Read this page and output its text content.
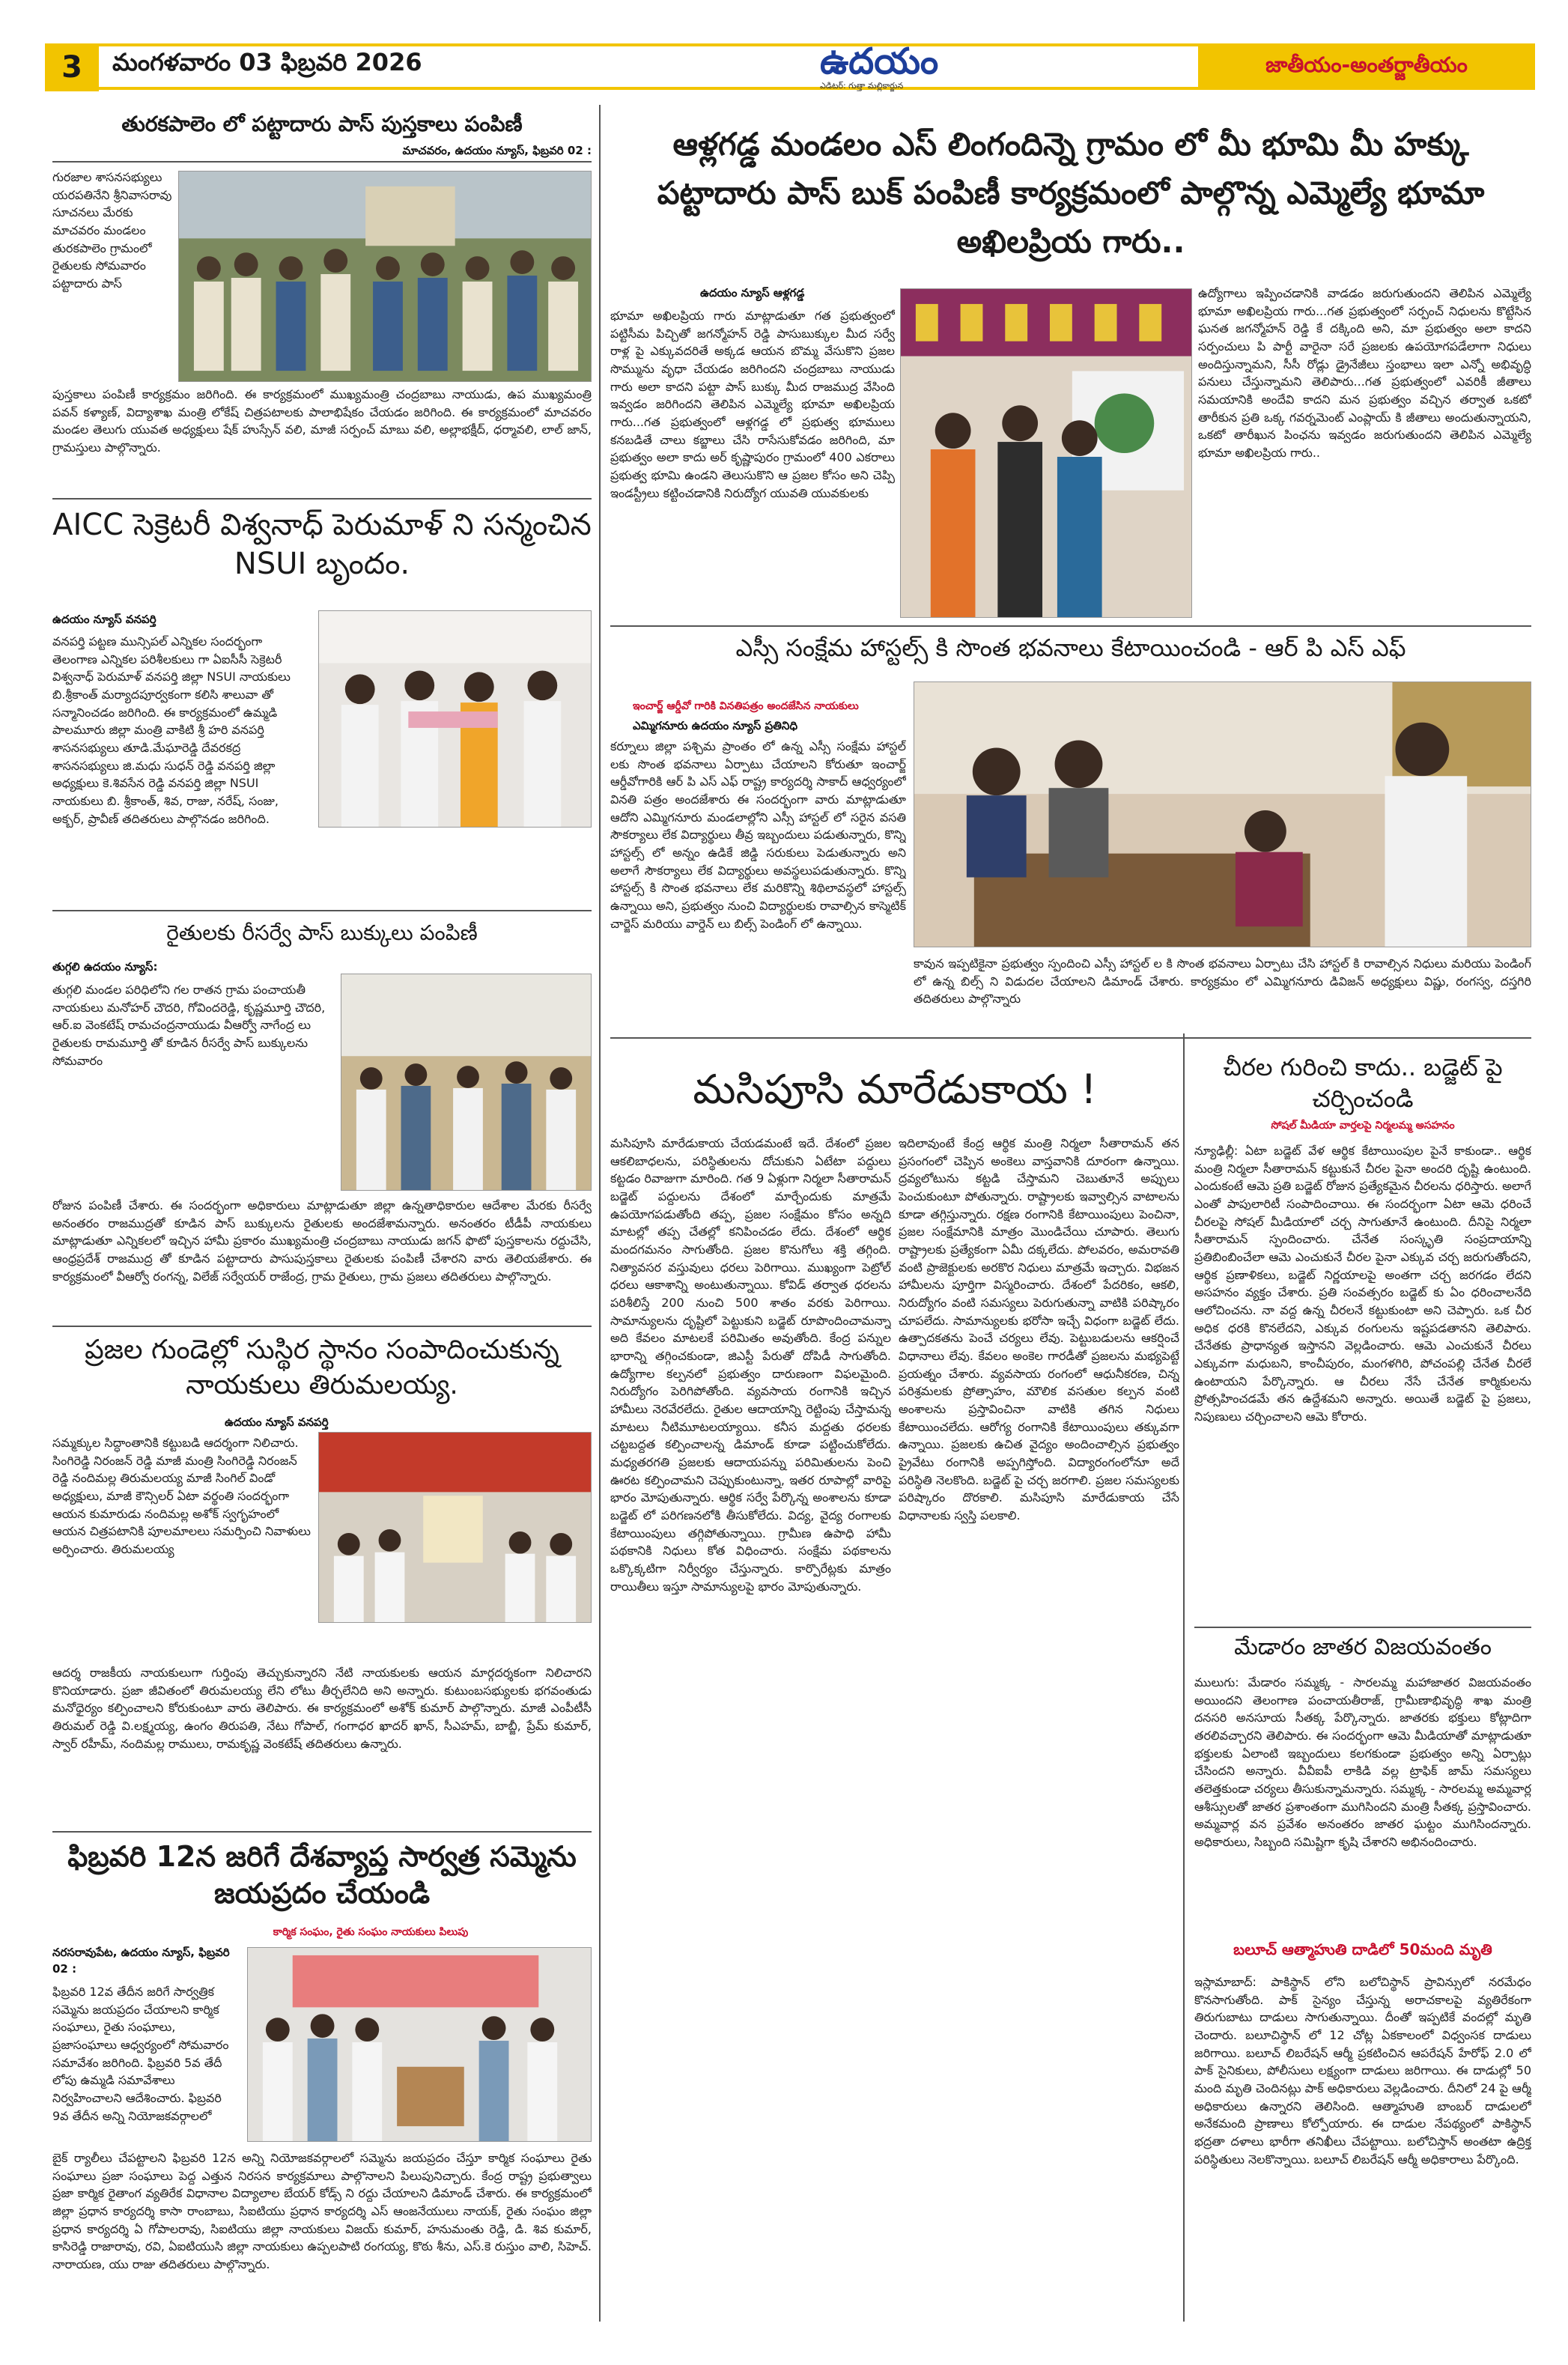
3	మంగళవారం 03 ఫిబ్రవరి 2026	ఉదయం
ఎడిటర్: గుత్తా మల్లికార్జున
జాతీయం-అంతర్జాతీయం
తురకపాలెం లో పట్టాదారు పాస్ పుస్తకాలు పంపిణీ
మాచవరం, ఉదయం న్యూస్, ఫిబ్రవరి 02 :
గురజాల శాసనసభ్యులు యరపతినేని శ్రీనివాసరావు సూచనలు మేరకు మాచవరం మండలం తురకపాలెం గ్రామంలో రైతులకు సోమవారం పట్టాదారు పాస్
పుస్తకాలు పంపిణీ కార్యక్రమం జరిగింది. ఈ కార్యక్రమంలో ముఖ్యమంత్రి చంద్రబాబు నాయుడు, ఉప ముఖ్యమంత్రి పవన్ కళ్యాణ్, విద్యాశాఖ మంత్రి లోకేష్ చిత్రపటాలకు పాలాభిషేకం చేయడం జరిగింది. ఈ కార్యక్రమంలో మాచవరం మండల తెలుగు యువత అధ్యక్షులు షేక్ హుస్సేన్ వలి, మాజీ సర్పంచ్ మాబు వలి, అల్లాభక్షీద్, ధర్మావలి, లాల్ జాన్, గ్రామస్తులు పాల్గొన్నారు.
AICC సెక్రెటరీ విశ్వనాధ్ పెరుమాళ్ ని సన్మంచిన NSUI బృందం.
ఉదయం న్యూస్ వనపర్తి
వనపర్తి పట్టణ మున్సిపల్ ఎన్నికల సందర్భంగా తెలంగాణ ఎన్నికల పరిశీలకులు గా ఏఐసీసీ సెక్రెటరీ విశ్వనాధ్ పెరుమాళ్ వనపర్తి జిల్లా NSUI నాయకులు బి.శ్రీకాంత్ మర్యాదపూర్వకంగా కలిసి శాలువా తో సన్మానించడం జరిగింది. ఈ కార్యక్రమంలో ఉమ్మడి పాలమూరు జిల్లా మంత్రి వాకిటి శ్రీ హరి వనపర్తి శాసనసభ్యులు తూడి.మేఘారెడ్డి దేవరకద్ర శాసనసభ్యులు జి.మధు సుధన్ రెడ్డి వనపర్తి జిల్లా అధ్యక్షులు కె.శివసేన రెడ్డి వనపర్తి జిల్లా NSUI నాయకులు బి. శ్రీకాంత్, శివ, రాజు, నరేష్, సంజు, అక్బర్, ప్రావీణ్ తదితరులు పాల్గొనడం జరిగింది.
రైతులకు రీసర్వే పాస్ బుక్కులు పంపిణీ
తుగ్గలి ఉదయం న్యూస్:
తుగ్గలి మండల పరిధిలోని గల రాతన గ్రామ పంచాయతీ నాయకులు మనోహర్ చౌదరి, గోవిందరెడ్డి, కృష్ణమూర్తి చౌదరి, ఆర్.ఐ వెంకటేష్ రామచంద్రనాయుడు వీఆర్వో నాగేంద్ర లు రైతులకు రామమూర్తి తో కూడిన రీసర్వే పాస్ బుక్కులను సోమవారం
రోజున పంపిణీ చేశారు. ఈ సందర్భంగా అధికారులు మాట్లాడుతూ జిల్లా ఉన్నతాధికారుల ఆదేశాల మేరకు రీసర్వే అనంతరం రాజముద్రతో కూడిన పాస్ బుక్కులను రైతులకు అందజేశామన్నారు. అనంతరం టీడీపీ నాయకులు మాట్లాడుతూ ఎన్నికలలో ఇచ్చిన హామీ ప్రకారం ముఖ్యమంత్రి చంద్రబాబు నాయుడు జగన్ ఫొటో పుస్తకాలను రద్దుచేసి, ఆంధ్రప్రదేశ్ రాజముద్ర తో కూడిన పట్టాదారు పాసుపుస్తకాలు రైతులకు పంపిణీ చేశారని వారు తెలియజేశారు. ఈ కార్యక్రమంలో వీఆర్వో రంగన్న, విలేజ్ సర్వేయర్ రాజేంద్ర, గ్రామ రైతులు, గ్రామ ప్రజలు తదితరులు పాల్గొన్నారు.
ప్రజల గుండెల్లో సుస్థిర స్థానం సంపాదించుకున్న నాయకులు తిరుమలయ్య.
ఉదయం న్యూస్ వనపర్తి
సమ్మక్కుల సిద్ధాంతానికి కట్టుబడి ఆదర్శంగా నిలిచారు. సింగిరెడ్డి నిరంజన్ రెడ్డి మాజీ మంత్రి సింగిరెడ్డి నిరంజన్ రెడ్డి నందిమల్ల తిరుమలయ్య మాజీ సింగిల్ విండో అధ్యక్షులు, మాజీ కౌన్సిలర్ ఏటా వర్థంతి సందర్భంగా ఆయన కుమారుడు నందిమల్ల అశోక్ స్వగృహంలో ఆయన చిత్రపటానికి పూలమాలలు సమర్పించి నివాళులు అర్పించారు. తిరుమలయ్య
ఆదర్శ రాజకీయ నాయకులుగా గుర్తింపు తెచ్చుకున్నారని నేటి నాయకులకు ఆయన మార్గదర్శకంగా నిలిచారని కొనియాడారు. ప్రజా జీవితంలో తిరుమలయ్య లేని లోటు తీర్చలేనిది అని అన్నారు. కుటుంబసభ్యులకు భగవంతుడు మనోధైర్యం కల్పించాలని కోరుకుంటూ వారు తెలిపారు. ఈ కార్యక్రమంలో అశోక్ కుమార్ పాల్గొన్నారు. మాజీ ఎంపీటీసీ తిరుమల్ రెడ్డి వి.లక్ష్మయ్య, ఉంగం తిరుపతి, నేటు గోపాల్, గంగాధర ఖాదర్ ఖాన్, సీఎహమ్, బాబ్జీ, ప్రేమ్ కుమార్, స్వార్ రహీమ్, నందిమల్ల రాములు, రామకృష్ణ వెంకటేష్ తదితరులు ఉన్నారు.
ఫిబ్రవరి 12న జరిగే దేశవ్యాప్త సార్వత్ర సమ్మెను జయప్రదం చేయండి
కార్మిక సంఘం, రైతు సంఘం నాయకులు పిలుపు
నరసరావుపేట, ఉదయం న్యూస్, ఫిబ్రవరి 02 :
ఫిబ్రవరి 12వ తేదీన జరిగే సార్వత్రిక సమ్మెను జయప్రదం చేయాలని కార్మిక సంఘాలు, రైతు సంఘాలు, ప్రజాసంఘాలు ఆధ్వర్యంలో సోమవారం సమావేశం జరిగింది. ఫిబ్రవరి 5వ తేదీ లోపు ఉమ్మడి సమావేశాలు నిర్వహించాలని ఆదేశించారు. ఫిబ్రవరి 9వ తేదీన అన్ని నియోజకవర్గాలలో
బైక్ ర్యాలీలు చేపట్టాలని ఫిబ్రవరి 12న అన్ని నియోజకవర్గాలలో సమ్మెను జయప్రదం చేస్తూ కార్మిక సంఘాలు రైతు సంఘాలు ప్రజా సంఘాలు పెద్ద ఎత్తున నిరసన కార్యక్రమాలు పాల్గొనాలని పిలుపునిచ్చారు. కేంద్ర రాష్ట్ర ప్రభుత్వాలు ప్రజా కార్మిక రైతాంగ వ్యతిరేక విధానాల విద్యాలాల బేయర్ కోడ్స్ ని రద్దు చేయాలని డిమాండ్ చేశారు. ఈ కార్యక్రమంలో జిల్లా ప్రధాన కార్యదర్శి కాసా రాంబాబు, సిఐటియు ప్రధాన కార్యదర్శి ఎస్ ఆంజనేయులు నాయక్, రైతు సంఘం జిల్లా ప్రధాన కార్యదర్శి ఏ గోపాలరావు, సిఐటియు జిల్లా నాయకులు విజయ్ కుమార్, హనుమంతు రెడ్డి, డి. శివ కుమార్, కాసిరెడ్డి రాజారావు, రవి, ఏఐటియుసి జిల్లా నాయకులు ఉప్పలపాటి రంగయ్య, కొఠు శీను, ఎస్.కె రుస్తుం వాలి, సిహెచ్. నారాయణ, యు రాజు తదితరులు పాల్గొన్నారు.
ఆళ్లగడ్డ మండలం ఎస్ లింగందిన్నె గ్రామం లో మీ భూమి మీ హక్కు పట్టాదారు పాస్ బుక్ పంపిణీ కార్యక్రమంలో పాల్గొన్న ఎమ్మెల్యే భూమా అఖిలప్రియ గారు..
ఉదయం న్యూస్ ఆళ్లగడ్డ
భూమా అఖిలప్రియ గారు మాట్లాడుతూ గత ప్రభుత్వంలో పట్టిసీమ పిచ్చితో జగన్మోహన్ రెడ్డి పాసుబుక్కుల మీద సర్వే రాళ్ల పై ఎక్కువదరితే అక్కడ ఆయన బొమ్మ వేసుకొని ప్రజల సొమ్మును వృధా చేయడం జరిగిందని చంద్రబాబు నాయుడు గారు అలా కాదని పట్టా పాస్ బుక్కు మీద రాజముద్ర వేసింది ఇవ్వడం జరిగిందని తెలిపిన ఎమ్మెల్యే భూమా అఖిలప్రియ గారు...గత ప్రభుత్వంలో ఆళ్లగడ్డ లో ప్రభుత్వ భూములు కనబడితే చాలు కబ్జాలు చేసి రాసేసుకోవడం జరిగింది, మా ప్రభుత్వం అలా కాదు అర్ కృష్ణాపురం గ్రామంలో 400 ఎకరాలు ప్రభుత్వ భూమి ఉండని తెలుసుకొని ఆ ప్రజల కోసం అని చెప్పి ఇండస్ట్రీలు కట్టించడానికి నిరుద్యోగ యువతి యువకులకు
ఉద్యోగాలు ఇప్పించడానికి వాడడం జరుగుతుందని తెలిపిన ఎమ్మెల్యే భూమా అఖిలప్రియ గారు...గత ప్రభుత్వంలో సర్పంచ్ నిధులను కొట్టేసిన ఘనత జగన్మోహన్ రెడ్డి కే దక్కింది అని, మా ప్రభుత్వం అలా కాదని సర్పంచులు పి పార్టీ వారైనా సరే ప్రజలకు ఉపయోగపడేలాగా నిధులు అందిస్తున్నామని, సీసీ రోడ్లు డ్రైనేజీలు స్తంభాలు ఇలా ఎన్నో అభివృద్ధి పనులు చేస్తున్నామని తెలిపారు...గత ప్రభుత్వంలో ఎవరికీ జీతాలు సమయానికి అందేవి కాదని మన ప్రభుత్వం వచ్చిన తర్వాత ఒకటో తారీకున ప్రతి ఒక్క గవర్నమెంట్ ఎంప్లాయ్ కి జీతాలు అందుతున్నాయని, ఒకటో తారీఖున పింఛను ఇవ్వడం జరుగుతుందని తెలిపిన ఎమ్మెల్యే భూమా అఖిలప్రియ గారు..
ఎస్సీ సంక్షేమ హాస్టల్స్ కి సొంత భవనాలు కేటాయించండి - ఆర్ పి ఎస్ ఎఫ్
ఇంచార్జ్ ఆర్డీవో గారికి వినతిపత్రం అందజేసిన నాయకులు
ఎమ్మిగనూరు ఉదయం న్యూస్ ప్రతినిధి
కర్నూలు జిల్లా పశ్చిమ ప్రాంతం లో ఉన్న ఎస్సీ సంక్షేమ హాస్టల్ లకు సొంత భవనాలు ఏర్పాటు చేయాలని కోరుతూ ఇంచార్జ్ ఆర్డీవోగారికి ఆర్ పి ఎస్ ఎఫ్ రాష్ట్ర కార్యదర్శి సాకాద్ ఆధ్వర్యంలో వినతి పత్రం అందజేశారు ఈ సందర్భంగా వారు మాట్లాడుతూ ఆదోని ఎమ్మిగనూరు మండలాల్లోని ఎస్సీ హాస్టల్ లో సరైన వసతి సౌకర్యాలు లేక విద్యార్థులు తీవ్ర ఇబ్బందులు పడుతున్నారు, కొన్ని హాస్టల్స్ లో అన్నం ఉడికే జిడ్డి సరుకులు పెడుతున్నారు అని అలాగే సౌకర్యాలు లేక విద్యార్థులు అవస్థలుపడుతున్నారు. కొన్ని హాస్టల్స్ కి సొంత భవనాలు లేక మరికొన్ని శిథిలావస్థలో హాస్టల్స్ ఉన్నాయి అని, ప్రభుత్వం నుంచి విద్యార్థులకు రావాల్సిన కాస్మెటిక్ చార్జెస్ మరియు వార్డెన్ లు బిల్స్ పెండింగ్ లో ఉన్నాయి.
కావున ఇప్పటికైనా ప్రభుత్వం స్పందించి ఎస్సీ హాస్టల్ ల కి సొంత భవనాలు ఏర్పాటు చేసి హాస్టల్ కి రావాల్సిన నిధులు మరియు పెండింగ్ లో ఉన్న బిల్స్ ని విడుదల చేయాలని డిమాండ్ చేశారు. కార్యక్రమం లో ఎమ్మిగనూరు డివిజన్ అధ్యక్షులు విష్ణు, రంగస్వ, దస్తగిరి తదితరులు పాల్గొన్నారు
మసిపూసి మారేడుకాయ !
మసిపూసి మారేడుకాయ చేయడమంటే ఇదే. దేశంలో ప్రజల ఆకలిబాధలను, పరిస్థితులను దోచుకుని ఏటేటా పద్దులు కట్టడం రివాజుగా మారింది. గత 9 ఏళ్లుగా నిర్మలా సీతారామన్ బడ్జెట్ పద్దులను దేశంలో మార్చేందుకు మాత్రమే ఉపయోగపడుతోంది తప్ప, ప్రజల సంక్షేమం కోసం అన్నది మాటల్లో తప్ప చేతల్లో కనిపించడం లేదు. దేశంలో ఆర్థిక మందగమనం సాగుతోంది. ప్రజల కొనుగోలు శక్తి తగ్గింది. నిత్యావసర వస్తువులు ధరలు పెరిగాయి. ముఖ్యంగా పెట్రోల్ ధరలు ఆకాశాన్ని అంటుతున్నాయి. కోవిడ్ తర్వాత ధరలను పరిశీలిస్తే 200 నుంచి 500 శాతం వరకు పెరిగాయి. సామాన్యులను దృష్టిలో పెట్టుకుని బడ్జెట్ రూపొందించామన్నా అది కేవలం మాటలకే పరిమితం అవుతోంది. కేంద్ర పన్నుల భారాన్ని తగ్గించకుండా, జిఎస్టీ పేరుతో దోపిడీ సాగుతోంది. ఉద్యోగాల కల్పనలో ప్రభుత్వం దారుణంగా విఫలమైంది. నిరుద్యోగం పెరిగిపోతోంది. వ్యవసాయ రంగానికి ఇచ్చిన హామీలు నెరవేరలేదు. రైతుల ఆదాయాన్ని రెట్టింపు చేస్తామన్న మాటలు నీటిమూటలయ్యాయి. కనీస మద్దతు ధరలకు చట్టబద్దత కల్పించాలన్న డిమాండ్ కూడా పట్టించుకోలేదు. మధ్యతరగతి ప్రజలకు ఆదాయపన్ను పరిమితులను పెంచి ఊరట కల్పించామని చెప్పుకుంటున్నా, ఇతర రూపాల్లో వారిపై భారం మోపుతున్నారు. ఆర్థిక సర్వే పేర్కొన్న అంశాలను కూడా బడ్జెట్ లో పరిగణనలోకి తీసుకోలేదు. విద్య, వైద్య రంగాలకు కేటాయింపులు తగ్గిపోతున్నాయి. గ్రామీణ ఉపాధి హామీ పథకానికి నిధులు కోత విధించారు. సంక్షేమ పథకాలను ఒక్కొక్కటిగా నిర్వీర్యం చేస్తున్నారు. కార్పొరేట్లకు మాత్రం రాయితీలు ఇస్తూ సామాన్యులపై భారం మోపుతున్నారు.
ఇదిలావుంటే కేంద్ర ఆర్థిక మంత్రి నిర్మలా సీతారామన్ తన ప్రసంగంలో చెప్పిన అంకెలు వాస్తవానికి దూరంగా ఉన్నాయి. ద్రవ్యలోటును కట్టడి చేస్తామని చెబుతూనే అప్పులు పెంచుకుంటూ పోతున్నారు. రాష్ట్రాలకు ఇవ్వాల్సిన వాటాలను కూడా తగ్గిస్తున్నారు. రక్షణ రంగానికి కేటాయింపులు పెంచినా, ప్రజల సంక్షేమానికి మాత్రం మొండిచేయి చూపారు. తెలుగు రాష్ట్రాలకు ప్రత్యేకంగా ఏమీ దక్కలేదు. పోలవరం, అమరావతి వంటి ప్రాజెక్టులకు అరకొర నిధులు మాత్రమే ఇచ్చారు. విభజన హామీలను పూర్తిగా విస్మరించారు. దేశంలో పేదరికం, ఆకలి, నిరుద్యోగం వంటి సమస్యలు పెరుగుతున్నా వాటికి పరిష్కారం చూపలేదు. సామాన్యులకు భరోసా ఇచ్చే విధంగా బడ్జెట్ లేదు. ఉత్పాదకతను పెంచే చర్యలు లేవు. పెట్టుబడులను ఆకర్షించే విధానాలు లేవు. కేవలం అంకెల గారడీతో ప్రజలను మభ్యపెట్టే ప్రయత్నం చేశారు. వ్యవసాయ రంగంలో ఆధునీకరణ, చిన్న పరిశ్రమలకు ప్రోత్సాహం, మౌలిక వసతుల కల్పన వంటి అంశాలను ప్రస్తావించినా వాటికి తగిన నిధులు కేటాయించలేదు. ఆరోగ్య రంగానికి కేటాయింపులు తక్కువగా ఉన్నాయి. ప్రజలకు ఉచిత వైద్యం అందించాల్సిన ప్రభుత్వం ప్రైవేటు రంగానికి అప్పగిస్తోంది. విద్యారంగంలోనూ అదే పరిస్థితి నెలకొంది. బడ్జెట్ పై చర్చ జరగాలి. ప్రజల సమస్యలకు పరిష్కారం దొరకాలి. మసిపూసి మారేడుకాయ చేసే విధానాలకు స్వస్తి పలకాలి.
చీరల గురించి కాదు.. బడ్జెట్ పై చర్చించండి
సోషల్ మీడియా వార్తలపై నిర్మలమ్మ అసహనం
న్యూఢిల్లీ: ఏటా బడ్జెట్ వేళ ఆర్థిక కేటాయింపుల పైనే కాకుండా.. ఆర్థిక మంత్రి నిర్మలా సీతారామన్ కట్టుకునే చీరల పైనా అందరి దృష్టి ఉంటుంది. ఎందుకంటే ఆమె ప్రతి బడ్జెట్ రోజున ప్రత్యేకమైన చీరలను ధరిస్తారు. అలాగే ఎంతో పాపులారిటీ సంపాదించాయి. ఈ సందర్భంగా ఏటా ఆమె ధరించే చీరలపై సోషల్ మీడియాలో చర్చ సాగుతూనే ఉంటుంది. దీనిపై నిర్మలా సీతారామన్ స్పందించారు. చేనేత సంస్కృతి సంప్రదాయాన్ని ప్రతిబింబించేలా ఆమె ఎంచుకునే చీరల పైనా ఎక్కువ చర్చ జరుగుతోందని, ఆర్థిక ప్రణాళికలు, బడ్జెట్ నిర్ణయాలపై అంతగా చర్చ జరగడం లేదని అసహనం వ్యక్తం చేశారు. ప్రతి సంవత్సరం బడ్జెట్ కు ఏం ధరించాలనేది ఆలోచించను. నా వద్ద ఉన్న చీరలనే కట్టుకుంటా అని చెప్పారు. ఒక చీర అధిక ధరకి కొనలేదని, ఎక్కువ రంగులను ఇష్టపడతానని తెలిపారు. చేనేతకు ప్రాధాన్యత ఇస్తానని వెల్లడించారు. ఆమె ఎంచుకునే చీరలు ఎక్కువగా మధుబని, కాంచీపురం, మంగళగిరి, పోచంపల్లి చేనేత చీరలే ఉంటాయని పేర్కొన్నారు. ఆ చీరలు నేసే చేనేత కార్మికులను ప్రోత్సహించడమే తన ఉద్దేశమని అన్నారు. అయితే బడ్జెట్ పై ప్రజలు, నిపుణులు చర్చించాలని ఆమె కోరారు.
మేడారం జాతర విజయవంతం
ములుగు: మేడారం సమ్మక్క - సారలమ్మ మహాజాతర విజయవంతం అయిందని తెలంగాణ పంచాయతీరాజ్, గ్రామీణాభివృద్ధి శాఖ మంత్రి దనసరి అనసూయ సీతక్క పేర్కొన్నారు. జాతరకు భక్తులు కోట్లాదిగా తరలివచ్చారని తెలిపారు. ఈ సందర్భంగా ఆమె మీడియాతో మాట్లాడుతూ భక్తులకు ఏలాంటి ఇబ్బందులు కలగకుండా ప్రభుత్వం అన్ని ఏర్పాట్లు చేసిందని అన్నారు. వీవీఐపీ లాకిడి వల్ల ట్రాఫిక్ జామ్ సమస్యలు తలెత్తకుండా చర్యలు తీసుకున్నామన్నారు. సమ్మక్క - సారలమ్మ అమ్మవార్ల ఆశీస్సులతో జాతర ప్రశాంతంగా ముగిసిందని మంత్రి సీతక్క ప్రస్తావించారు. అమ్మవార్ల వన ప్రవేశం అనంతరం జాతర ఘట్టం ముగిసిందన్నారు. అధికారులు, సిబ్బంది సమిష్టిగా కృషి చేశారని అభినందించారు.
బలూచ్ ఆత్మాహుతి దాడిలో 50మంది మృతి
ఇస్లామాబాద్: పాకిస్థాన్ లోని బలోచిస్థాన్ ప్రావిన్సులో నరమేధం కొనసాగుతోంది. పాక్ సైన్యం చేస్తున్న అరాచకాలపై వ్యతిరేకంగా తిరుగుబాటు దాడులు సాగుతున్నాయి. దీంతో ఇప్పటికే వందల్లో మృతి చెందారు. బలూచిస్థాన్ లో 12 చోట్ల ఏకకాలంలో విధ్వంసక దాడులు జరిగాయి. బలూచ్ లిబరేషన్ ఆర్మీ ప్రకటించిన ఆపరేషన్ హేరోఫ్ 2.0 లో పాక్ సైనికులు, పోలీసులు లక్ష్యంగా దాడులు జరిగాయి. ఈ దాడుల్లో 50 మంది మృతి చెందినట్లు పాక్ అధికారులు వెల్లడించారు. దీనిలో 24 పై ఆర్మీ అధికారులు ఉన్నారని తెలిసింది. ఆత్మాహుతి బాంబర్ దాడులలో అనేకమంది ప్రాణాలు కోల్పోయారు. ఈ దాడుల నేపథ్యంలో పాకిస్థాన్ భద్రతా దళాలు భారీగా తనిఖీలు చేపట్టాయి. బలోచిస్తాన్ అంతటా ఉద్రిక్త పరిస్థితులు నెలకొన్నాయి. బలూచ్ లిబరేషన్ ఆర్మీ అధికారాలు పేర్కొంది.
